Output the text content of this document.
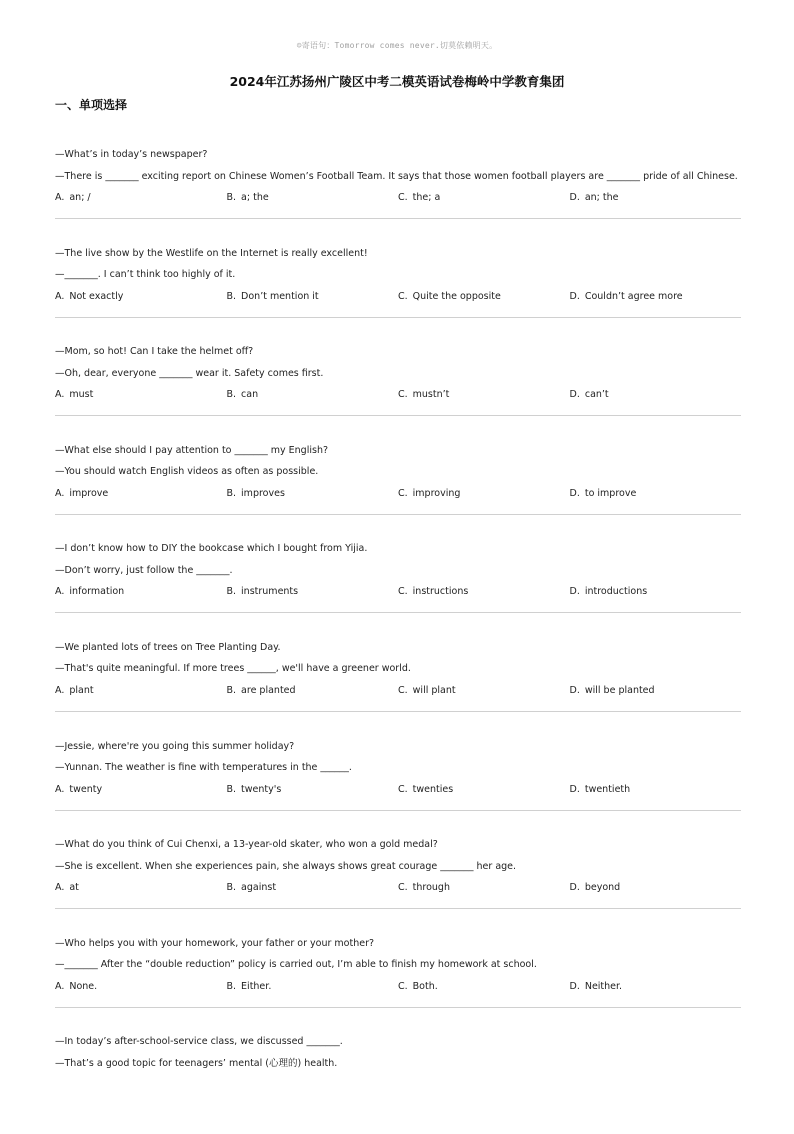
☺寄语句：Tomorrow comes never.切莫依赖明天。
2024年江苏扬州广陵区中考二模英语试卷梅岭中学教育集团
一、单项选择
—What’s in today’s newspaper?
—There is _______ exciting report on Chinese Women’s Football Team. It says that those women football players are _______ pride of all Chinese.
A. an; /	B. a; the	C. the; a	D. an; the
—The live show by the Westlife on the Internet is really excellent!
—_______. I can’t think too highly of it.
A. Not exactly	B. Don’t mention it	C. Quite the opposite	D. Couldn’t agree more
—Mom, so hot! Can I take the helmet off?
—Oh, dear, everyone _______ wear it. Safety comes first.
A. must	B. can	C. mustn’t	D. can’t
—What else should I pay attention to _______ my English?
—You should watch English videos as often as possible.
A. improve	B. improves	C. improving	D. to improve
—I don’t know how to DIY the bookcase which I bought from Yijia.
—Don’t worry, just follow the _______.
A. information	B. instruments	C. instructions	D. introductions
—We planted lots of trees on Tree Planting Day.
—That's quite meaningful. If more trees ______, we'll have a greener world.
A. plant	B. are planted	C. will plant	D. will be planted
—Jessie, where're you going this summer holiday?
—Yunnan. The weather is fine with temperatures in the ______.
A. twenty	B. twenty's	C. twenties	D. twentieth
—What do you think of Cui Chenxi, a 13-year-old skater, who won a gold medal?
—She is excellent. When she experiences pain, she always shows great courage _______ her age.
A. at	B. against	C. through	D. beyond
—Who helps you with your homework, your father or your mother?
—_______ After the “double reduction” policy is carried out, I’m able to finish my homework at school.
A. None.	B. Either.	C. Both.	D. Neither.
—In today’s after-school-service class, we discussed _______.
—That’s a good topic for teenagers’ mental (心理的) health.
